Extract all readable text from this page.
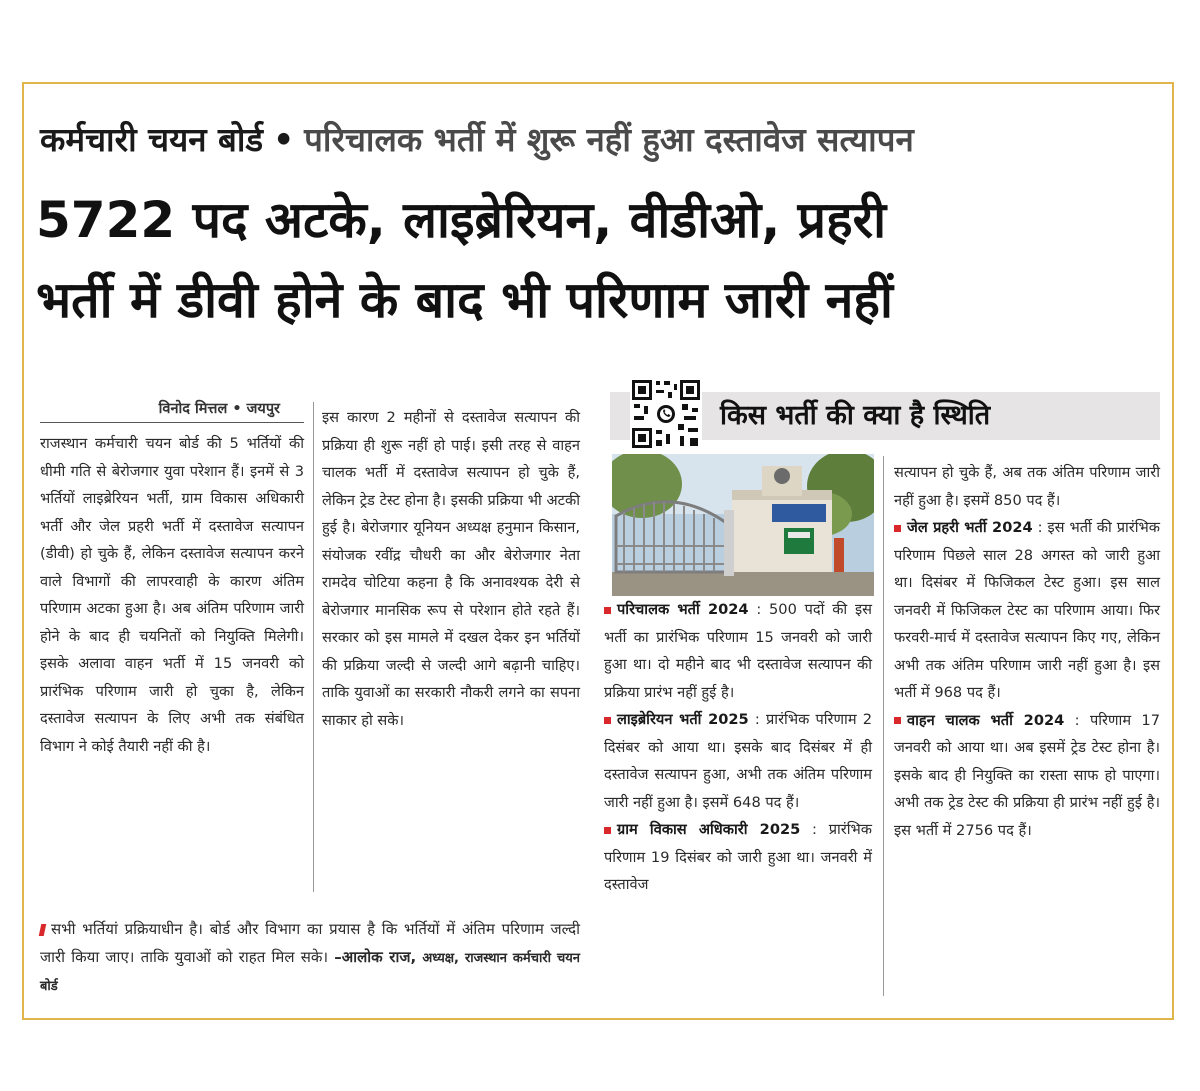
कर्मचारी चयन बोर्ड • परिचालक भर्ती में शुरू नहीं हुआ दस्तावेज सत्यापन
5722 पद अटके, लाइब्रेरियन, वीडीओ, प्रहरी
भर्ती में डीवी होने के बाद भी परिणाम जारी नहीं
विनोद मित्तल • जयपुर

राजस्थान कर्मचारी चयन बोर्ड की 5 भर्तियों की धीमी गति से बेरोजगार युवा परेशान हैं। इनमें से 3 भर्तियों लाइब्रेरियन भर्ती, ग्राम विकास अधिकारी भर्ती और जेल प्रहरी भर्ती में दस्तावेज सत्यापन (डीवी) हो चुके हैं, लेकिन दस्तावेज सत्यापन करने वाले विभागों की लापरवाही के कारण अंतिम परिणाम अटका हुआ है। अब अंतिम परिणाम जारी होने के बाद ही चयनितों को नियुक्ति मिलेगी। इसके अलावा वाहन भर्ती में 15 जनवरी को प्रारंभिक परिणाम जारी हो चुका है, लेकिन दस्तावेज सत्यापन के लिए अभी तक संबंधित विभाग ने कोई तैयारी नहीं की है।

इस कारण 2 महीनों से दस्तावेज सत्यापन की प्रक्रिया ही शुरू नहीं हो पाई। इसी तरह से वाहन चालक भर्ती में दस्तावेज सत्यापन हो चुके हैं, लेकिन ट्रेड टेस्ट होना है। इसकी प्रक्रिया भी अटकी हुई है। बेरोजगार यूनियन अध्यक्ष हनुमान किसान, संयोजक रवींद्र चौधरी का और बेरोजगार नेता रामदेव चोटिया कहना है कि अनावश्यक देरी से बेरोजगार मानसिक रूप से परेशान होते रहते हैं। सरकार को इस मामले में दखल देकर इन भर्तियों की प्रक्रिया जल्दी से जल्दी आगे बढ़ानी चाहिए। ताकि युवाओं का सरकारी नौकरी लगने का सपना साकार हो सके।

सभी भर्तियां प्रक्रियाधीन है। बोर्ड और विभाग का प्रयास है कि भर्तियों में अंतिम परिणाम जल्दी जारी किया जाए। ताकि युवाओं को राहत मिल सके। –आलोक राज, अध्यक्ष, राजस्थान कर्मचारी चयन बोर्ड
किस भर्ती की क्या है स्थिति

परिचालक भर्ती 2024 : 500 पदों की इस भर्ती का प्रारंभिक परिणाम 15 जनवरी को जारी हुआ था। दो महीने बाद भी दस्तावेज सत्यापन की प्रक्रिया प्रारंभ नहीं हुई है।

लाइब्रेरियन भर्ती 2025 : प्रारंभिक परिणाम 2 दिसंबर को आया था। इसके बाद दिसंबर में ही दस्तावेज सत्यापन हुआ, अभी तक अंतिम परिणाम जारी नहीं हुआ है। इसमें 648 पद हैं।

ग्राम विकास अधिकारी 2025 : प्रारंभिक परिणाम 19 दिसंबर को जारी हुआ था। जनवरी में दस्तावेज

सत्यापन हो चुके हैं, अब तक अंतिम परिणाम जारी नहीं हुआ है। इसमें 850 पद हैं।

जेल प्रहरी भर्ती 2024 : इस भर्ती की प्रारंभिक परिणाम पिछले साल 28 अगस्त को जारी हुआ था। दिसंबर में फिजिकल टेस्ट हुआ। इस साल जनवरी में फिजिकल टेस्ट का परिणाम आया। फिर फरवरी-मार्च में दस्तावेज सत्यापन किए गए, लेकिन अभी तक अंतिम परिणाम जारी नहीं हुआ है। इस भर्ती में 968 पद हैं।

वाहन चालक भर्ती 2024 : परिणाम 17 जनवरी को आया था। अब इसमें ट्रेड टेस्ट होना है। इसके बाद ही नियुक्ति का रास्ता साफ हो पाएगा। अभी तक ट्रेड टेस्ट की प्रक्रिया ही प्रारंभ नहीं हुई है। इस भर्ती में 2756 पद हैं।
